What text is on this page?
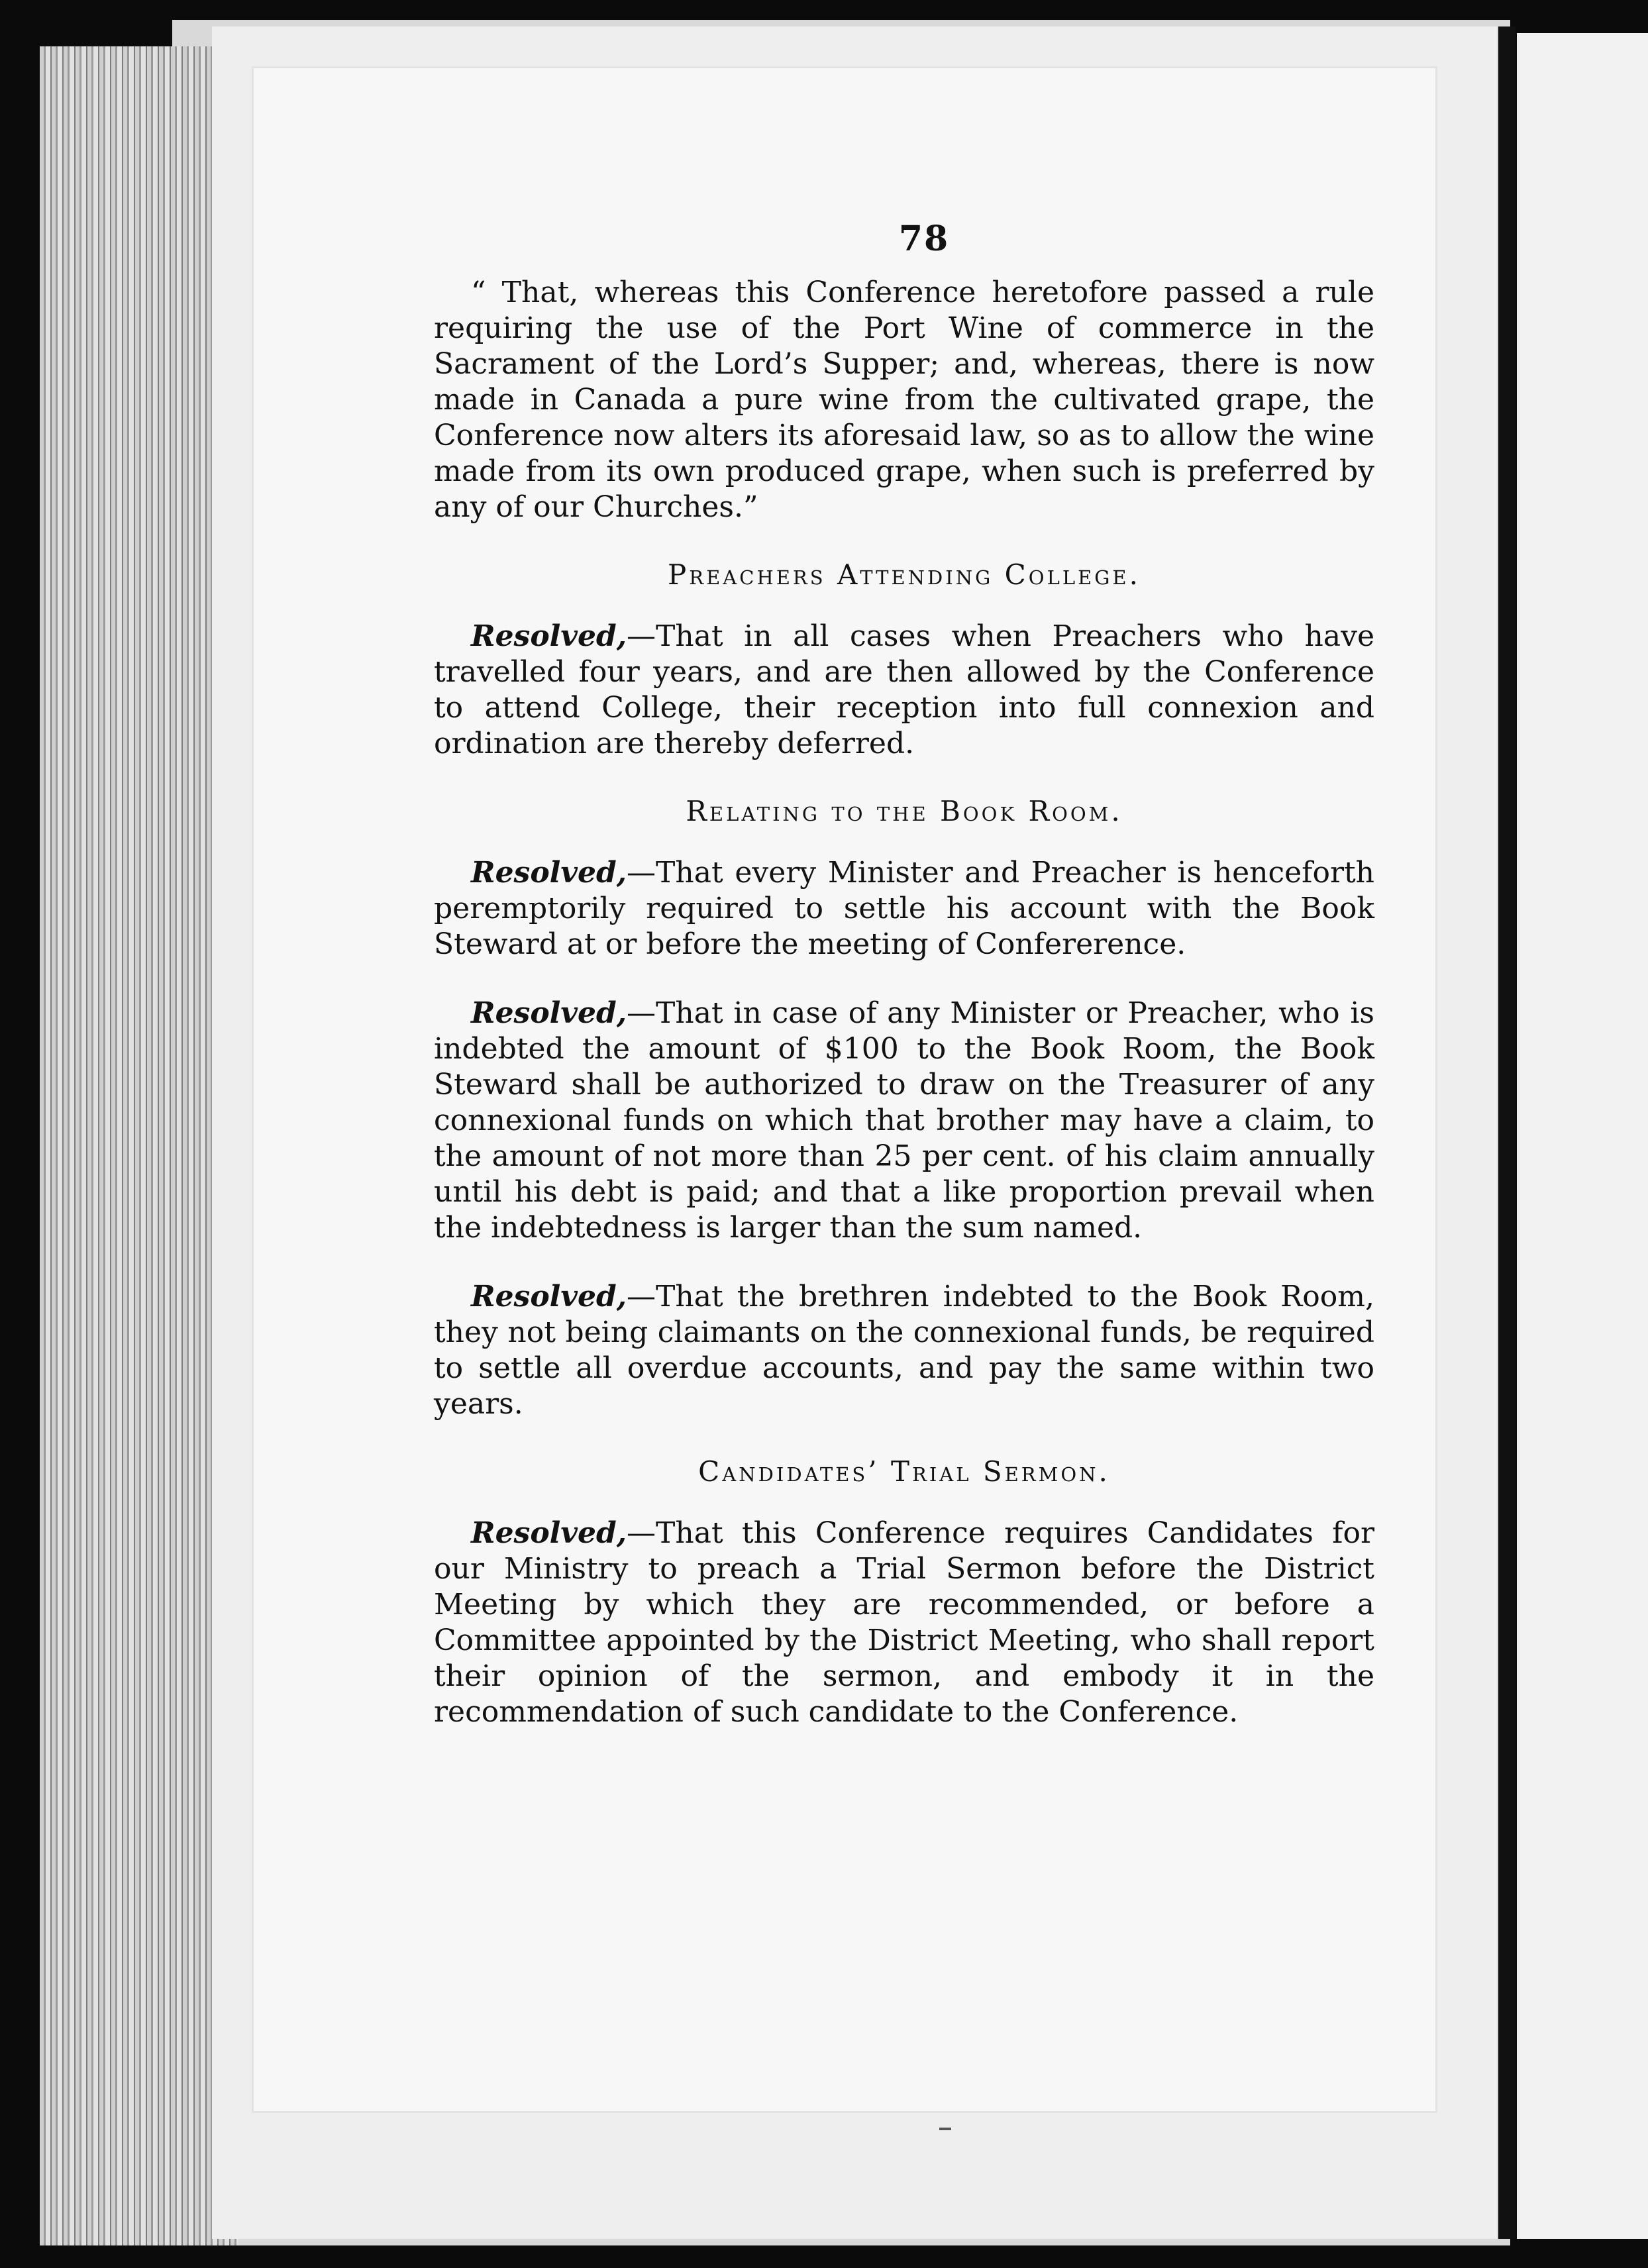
78

“ That, whereas this Conference heretofore passed a rule requiring the use of the Port Wine of commerce in the Sacrament of the Lord’s Supper; and, whereas, there is now made in Canada a pure wine from the cultivated grape, the Conference now alters its aforesaid law, so as to allow the wine made from its own produced grape, when such is preferred by any of our Churches.”

Preachers Attending College.

Resolved,—That in all cases when Preachers who have travelled four years, and are then allowed by the Conference to attend College, their reception into full connexion and ordination are thereby deferred.

Relating to the Book Room.

Resolved,—That every Minister and Preacher is henceforth peremptorily required to settle his account with the Book Steward at or before the meeting of Confererence.

Resolved,—That in case of any Minister or Preacher, who is indebted the amount of $100 to the Book Room, the Book Steward shall be authorized to draw on the Treasurer of any connexional funds on which that brother may have a claim, to the amount of not more than 25 per cent. of his claim annually until his debt is paid; and that a like proportion prevail when the indebtedness is larger than the sum named.

Resolved,—That the brethren indebted to the Book Room, they not being claimants on the connexional funds, be required to settle all overdue accounts, and pay the same within two years.

Candidates’ Trial Sermon.

Resolved,—That this Conference requires Candidates for our Ministry to preach a Trial Sermon before the District Meeting by which they are recommended, or before a Committee appointed by the District Meeting, who shall report their opinion of the sermon, and embody it in the recommendation of such candidate to the Conference.
